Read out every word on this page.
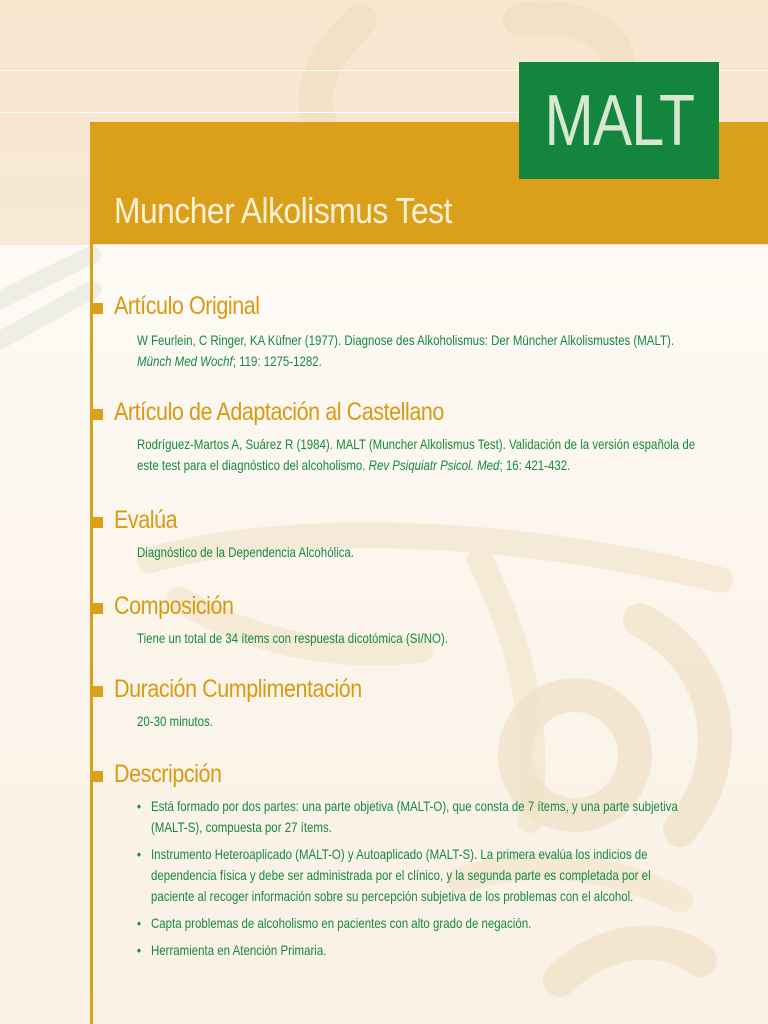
Muncher Alkolismus Test
MALT
Artículo Original
W Feurlein, C Ringer, KA Küfner (1977). Diagnose des Alkoholismus: Der Müncher Alkolismustes (MALT). Münch Med Wochf; 119: 1275-1282.
Artículo de Adaptación al Castellano
Rodríguez-Martos A, Suárez R (1984). MALT (Muncher Alkolismus Test). Validación de la versión española de este test para el diagnóstico del alcoholismo. Rev Psiquiatr Psicol. Med; 16: 421-432.
Evalúa
Diagnóstico de la Dependencia Alcohólica.
Composición
Tiene un total de 34 ítems con respuesta dicotómica (SI/NO).
Duración Cumplimentación
20-30 minutos.
Descripción
• Está formado por dos partes: una parte objetiva (MALT-O), que consta de 7 ítems, y una parte subjetiva (MALT-S), compuesta por 27 ítems.
• Instrumento Heteroaplicado (MALT-O) y Autoaplicado (MALT-S). La primera evalúa los indicios de dependencia física y debe ser administrada por el clínico, y la segunda parte es completada por el paciente al recoger información sobre su percepción subjetiva de los problemas con el alcohol.
• Capta problemas de alcoholismo en pacientes con alto grado de negación.
• Herramienta en Atención Primaria.
